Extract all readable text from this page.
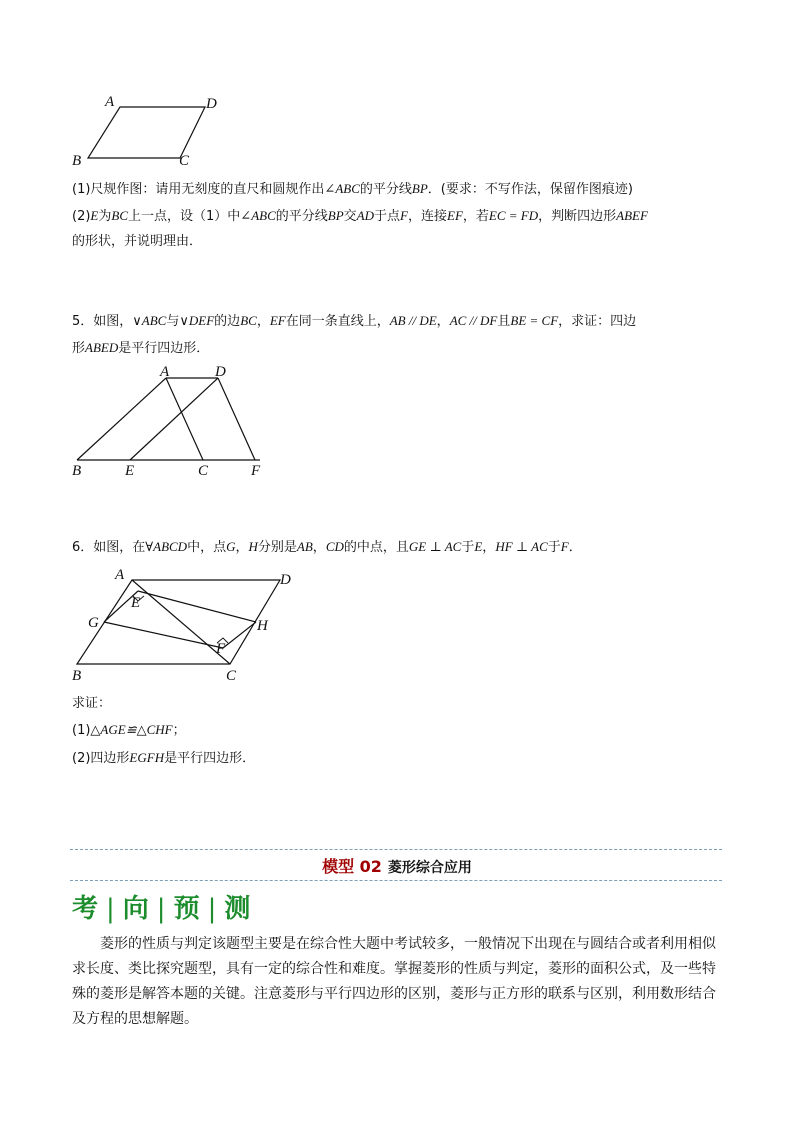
A	D
B	C
(1)尺规作图：请用无刻度的直尺和圆规作出∠ABC的平分线BP．(要求：不写作法，保留作图痕迹)
(2)E为BC上一点，设（1）中∠ABC的平分线BP交AD于点F，连接EF，若EC = FD，判断四边形ABEF
的形状，并说明理由．
5．如图，∨ABC与∨DEF的边BC，EF在同一条直线上，AB // DE，AC // DF且BE = CF，求证：四边
形ABED是平行四边形．
A	D
B	E	C	F
6．如图，在∀ABCD中，点G，H分别是AB，CD的中点，且GE ⊥ AC于E，HF ⊥ AC于F．
A	D
E
G	H
F
B	C
求证：
(1)△AGE≌△CHF；
(2)四边形EGFH是平行四边形．
模型 02 菱形综合应用
考 | 向 | 预 | 测
菱形的性质与判定该题型主要是在综合性大题中考试较多，一般情况下出现在与圆结合或者利用相似求长度、类比探究题型，具有一定的综合性和难度。掌握菱形的性质与判定，菱形的面积公式，及一些特殊的菱形是解答本题的关键。注意菱形与平行四边形的区别，菱形与正方形的联系与区别，利用数形结合及方程的思想解题。
